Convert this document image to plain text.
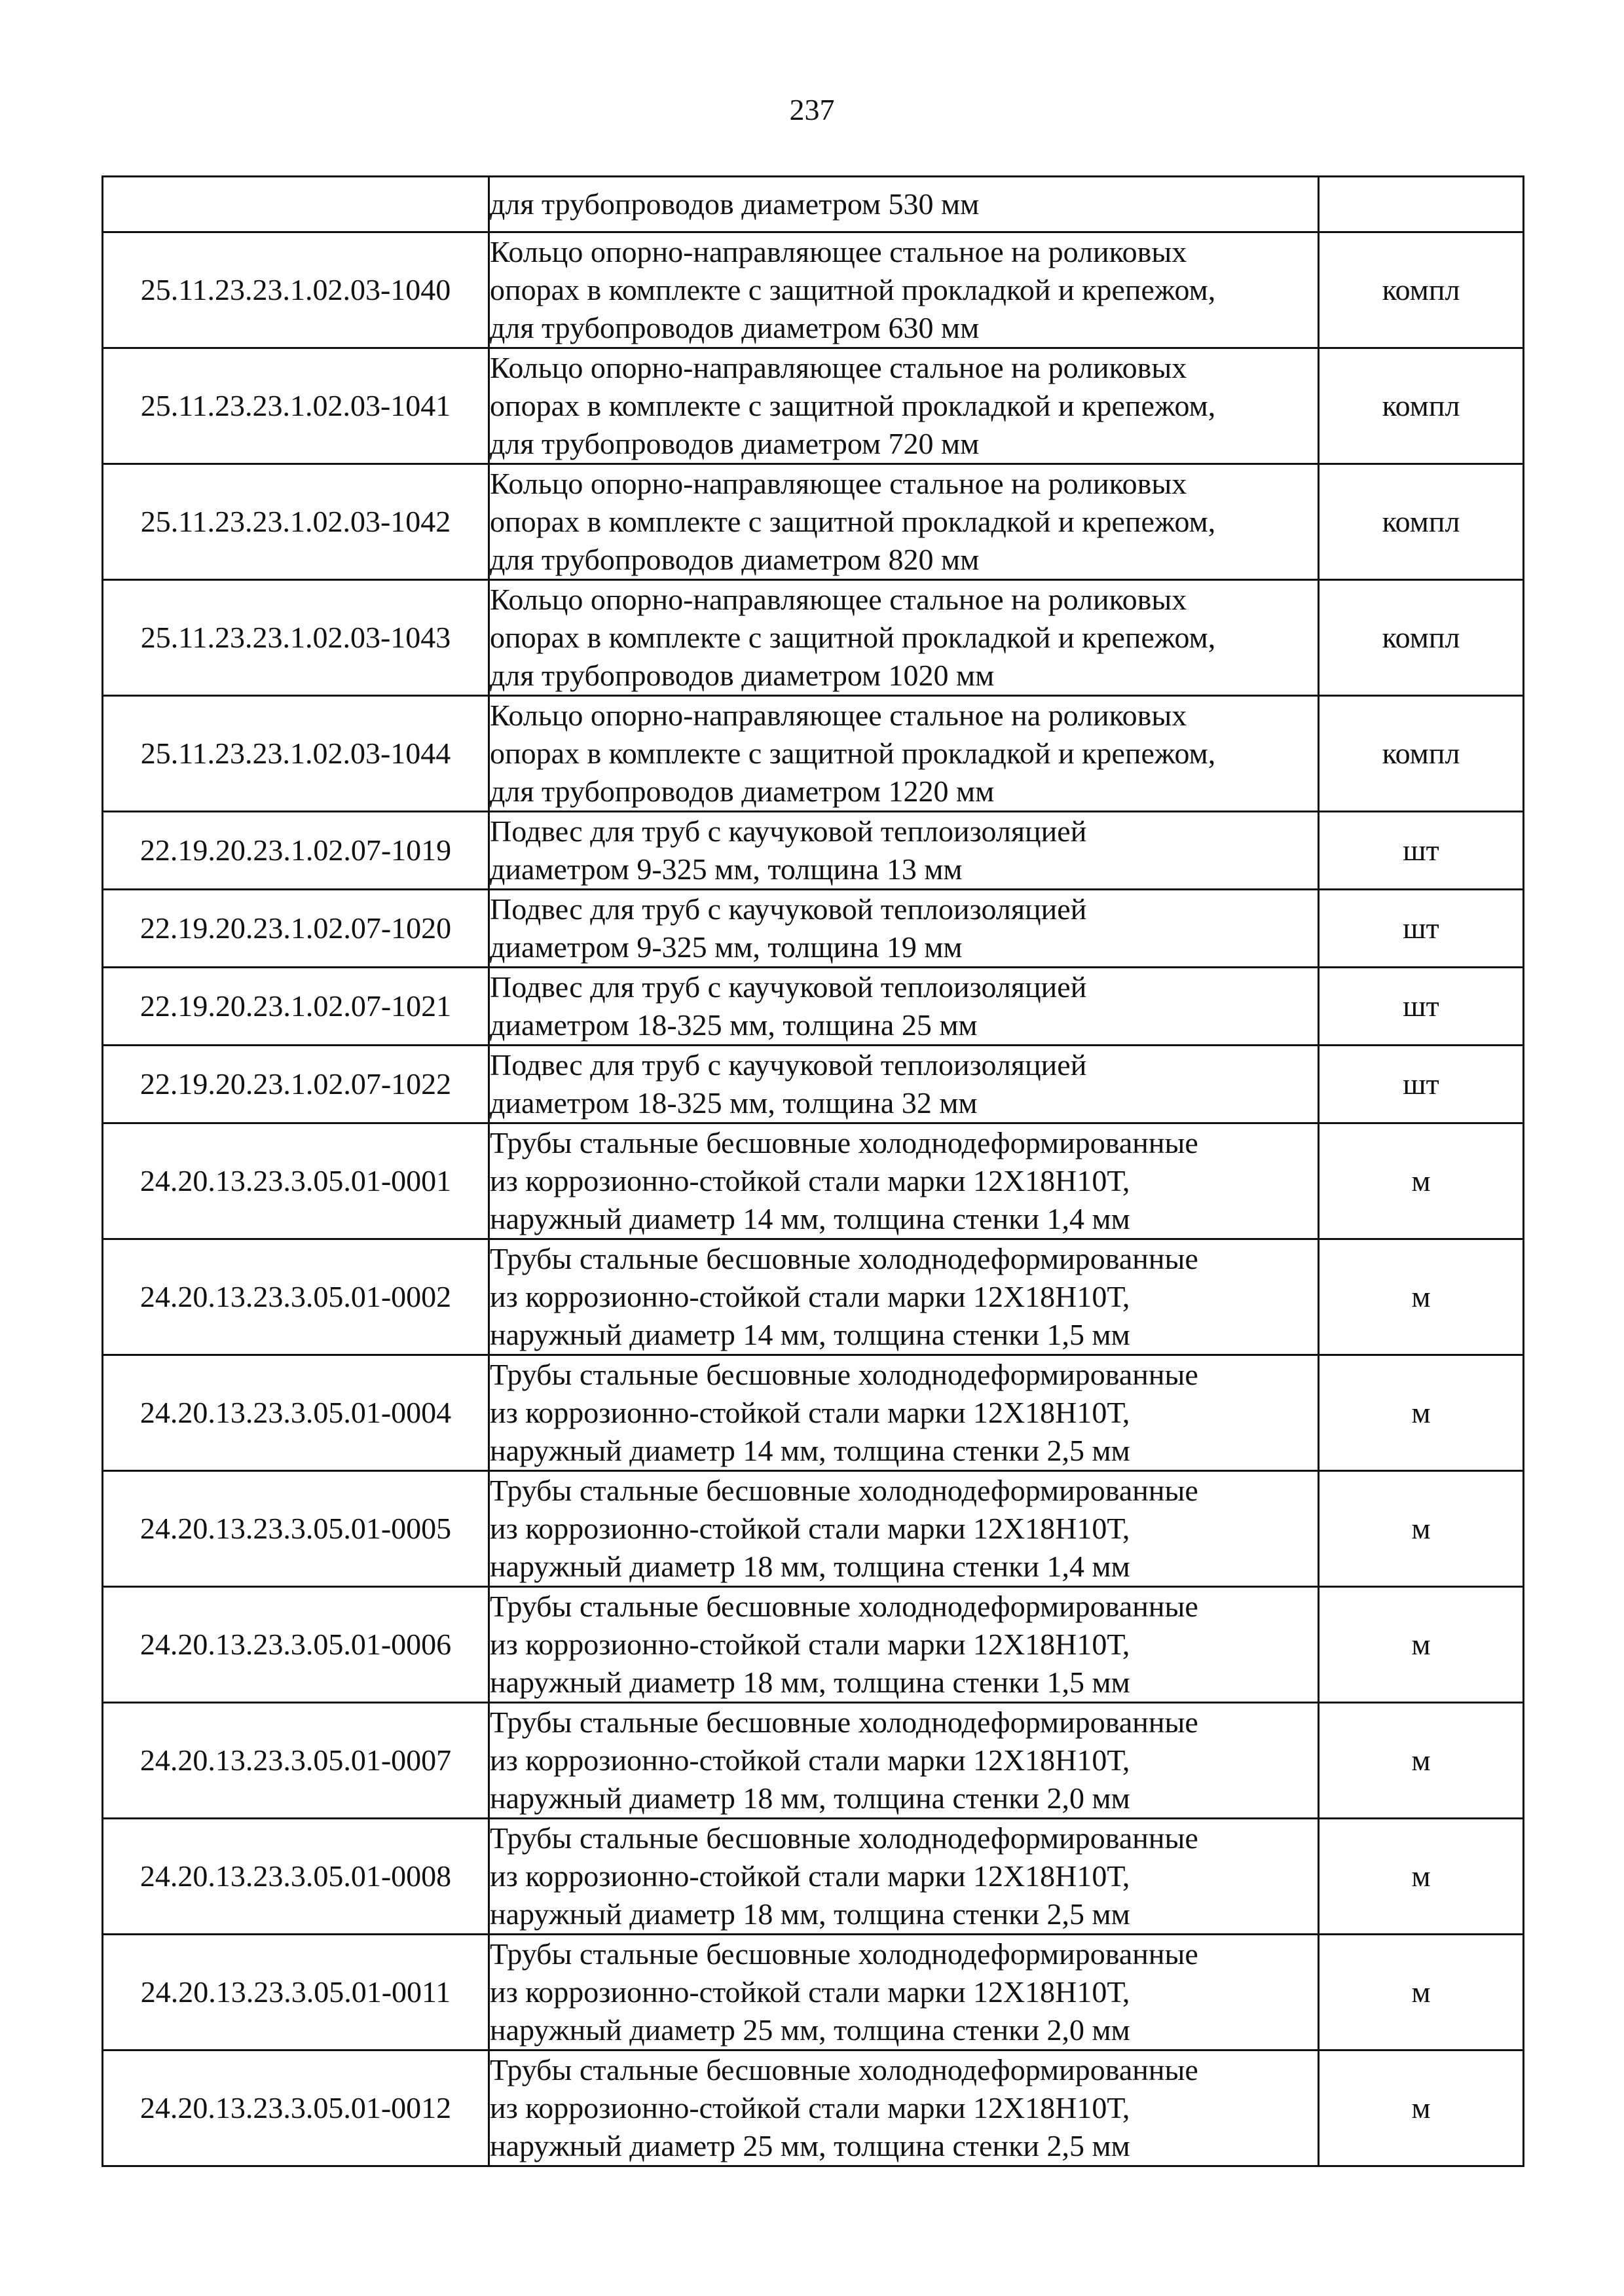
237

	для трубопроводов диаметром 530 мм	

25.11.23.23.1.02.03-1040	Кольцо опорно-направляющее стальное на роликовых
опорах в комплекте с защитной прокладкой и крепежом,
для трубопроводов диаметром 630 мм	компл
25.11.23.23.1.02.03-1041	Кольцо опорно-направляющее стальное на роликовых
опорах в комплекте с защитной прокладкой и крепежом,
для трубопроводов диаметром 720 мм	компл
25.11.23.23.1.02.03-1042	Кольцо опорно-направляющее стальное на роликовых
опорах в комплекте с защитной прокладкой и крепежом,
для трубопроводов диаметром 820 мм	компл
25.11.23.23.1.02.03-1043	Кольцо опорно-направляющее стальное на роликовых
опорах в комплекте с защитной прокладкой и крепежом,
для трубопроводов диаметром 1020 мм	компл
25.11.23.23.1.02.03-1044	Кольцо опорно-направляющее стальное на роликовых
опорах в комплекте с защитной прокладкой и крепежом,
для трубопроводов диаметром 1220 мм	компл
22.19.20.23.1.02.07-1019	Подвес для труб с каучуковой теплоизоляцией
диаметром 9-325 мм, толщина 13 мм	шт
22.19.20.23.1.02.07-1020	Подвес для труб с каучуковой теплоизоляцией
диаметром 9-325 мм, толщина 19 мм	шт
22.19.20.23.1.02.07-1021	Подвес для труб с каучуковой теплоизоляцией
диаметром 18-325 мм, толщина 25 мм	шт
22.19.20.23.1.02.07-1022	Подвес для труб с каучуковой теплоизоляцией
диаметром 18-325 мм, толщина 32 мм	шт
24.20.13.23.3.05.01-0001	Трубы стальные бесшовные холоднодеформированные
из коррозионно-стойкой стали марки 12Х18Н10Т,
наружный диаметр 14 мм, толщина стенки 1,4 мм	м
24.20.13.23.3.05.01-0002	Трубы стальные бесшовные холоднодеформированные
из коррозионно-стойкой стали марки 12Х18Н10Т,
наружный диаметр 14 мм, толщина стенки 1,5 мм	м
24.20.13.23.3.05.01-0004	Трубы стальные бесшовные холоднодеформированные
из коррозионно-стойкой стали марки 12Х18Н10Т,
наружный диаметр 14 мм, толщина стенки 2,5 мм	м
24.20.13.23.3.05.01-0005	Трубы стальные бесшовные холоднодеформированные
из коррозионно-стойкой стали марки 12Х18Н10Т,
наружный диаметр 18 мм, толщина стенки 1,4 мм	м
24.20.13.23.3.05.01-0006	Трубы стальные бесшовные холоднодеформированные
из коррозионно-стойкой стали марки 12Х18Н10Т,
наружный диаметр 18 мм, толщина стенки 1,5 мм	м
24.20.13.23.3.05.01-0007	Трубы стальные бесшовные холоднодеформированные
из коррозионно-стойкой стали марки 12Х18Н10Т,
наружный диаметр 18 мм, толщина стенки 2,0 мм	м
24.20.13.23.3.05.01-0008	Трубы стальные бесшовные холоднодеформированные
из коррозионно-стойкой стали марки 12Х18Н10Т,
наружный диаметр 18 мм, толщина стенки 2,5 мм	м
24.20.13.23.3.05.01-0011	Трубы стальные бесшовные холоднодеформированные
из коррозионно-стойкой стали марки 12Х18Н10Т,
наружный диаметр 25 мм, толщина стенки 2,0 мм	м
24.20.13.23.3.05.01-0012	Трубы стальные бесшовные холоднодеформированные
из коррозионно-стойкой стали марки 12Х18Н10Т,
наружный диаметр 25 мм, толщина стенки 2,5 мм	м
